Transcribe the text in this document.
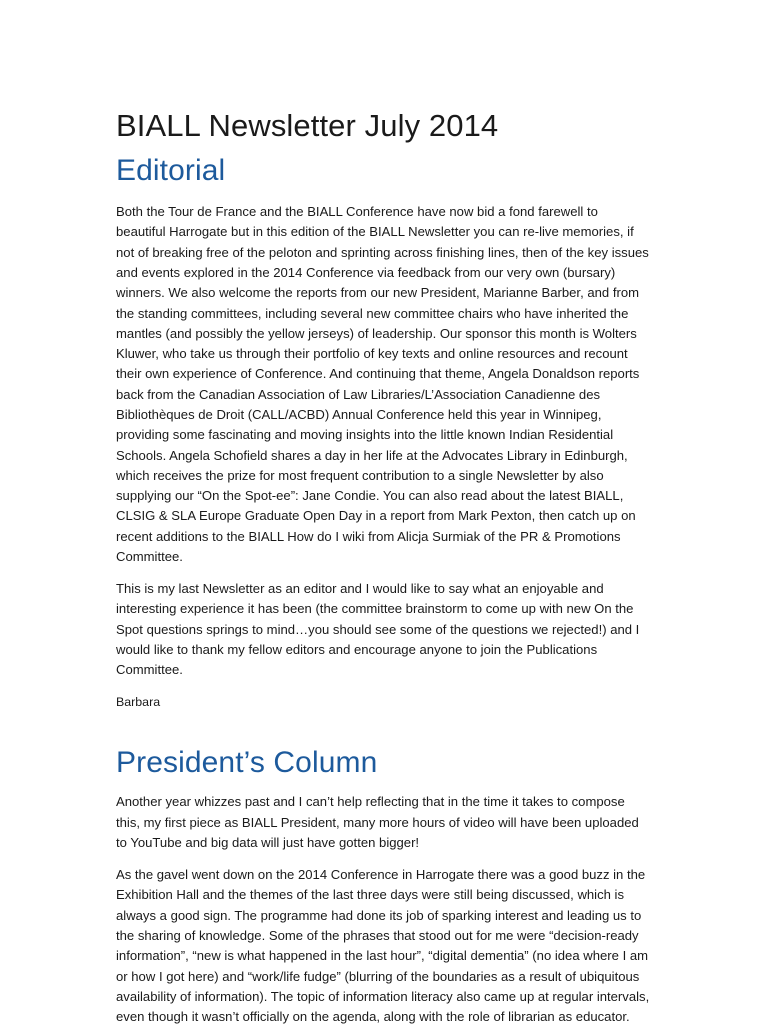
BIALL Newsletter July 2014
Editorial

Both the Tour de France and the BIALL Conference have now bid a fond farewell to beautiful Harrogate but in this edition of the BIALL Newsletter you can re-live memories, if not of breaking free of the peloton and sprinting across finishing lines, then of the key issues and events explored in the 2014 Conference via feedback from our very own (bursary) winners. We also welcome the reports from our new President, Marianne Barber, and from the standing committees, including several new committee chairs who have inherited the mantles (and possibly the yellow jerseys) of leadership. Our sponsor this month is Wolters Kluwer, who take us through their portfolio of key texts and online resources and recount their own experience of Conference. And continuing that theme, Angela Donaldson reports back from the Canadian Association of Law Libraries/L’Association Canadienne des Bibliothèques de Droit (CALL/ACBD) Annual Conference held this year in Winnipeg, providing some fascinating and moving insights into the little known Indian Residential Schools. Angela Schofield shares a day in her life at the Advocates Library in Edinburgh, which receives the prize for most frequent contribution to a single Newsletter by also supplying our “On the Spot-ee”: Jane Condie. You can also read about the latest BIALL, CLSIG & SLA Europe Graduate Open Day in a report from Mark Pexton, then catch up on recent additions to the BIALL How do I wiki from Alicja Surmiak of the PR & Promotions Committee.

This is my last Newsletter as an editor and I would like to say what an enjoyable and interesting experience it has been (the committee brainstorm to come up with new On the Spot questions springs to mind…you should see some of the questions we rejected!) and I would like to thank my fellow editors and encourage anyone to join the Publications Committee.

Barbara

President’s Column

Another year whizzes past and I can’t help reflecting that in the time it takes to compose this, my first piece as BIALL President, many more hours of video will have been uploaded to YouTube and big data will just have gotten bigger!

As the gavel went down on the 2014 Conference in Harrogate there was a good buzz in the Exhibition Hall and the themes of the last three days were still being discussed, which is always a good sign. The programme had done its job of sparking interest and leading us to the sharing of knowledge. Some of the phrases that stood out for me were “decision-ready information”, “new is what happened in the last hour”, “digital dementia” (no idea where I am or how I got here) and “work/life fudge” (blurring of the boundaries as a result of ubiquitous availability of information). The topic of information literacy also came up at regular intervals, even though it wasn’t officially on the agenda, along with the role of librarian as educator.
